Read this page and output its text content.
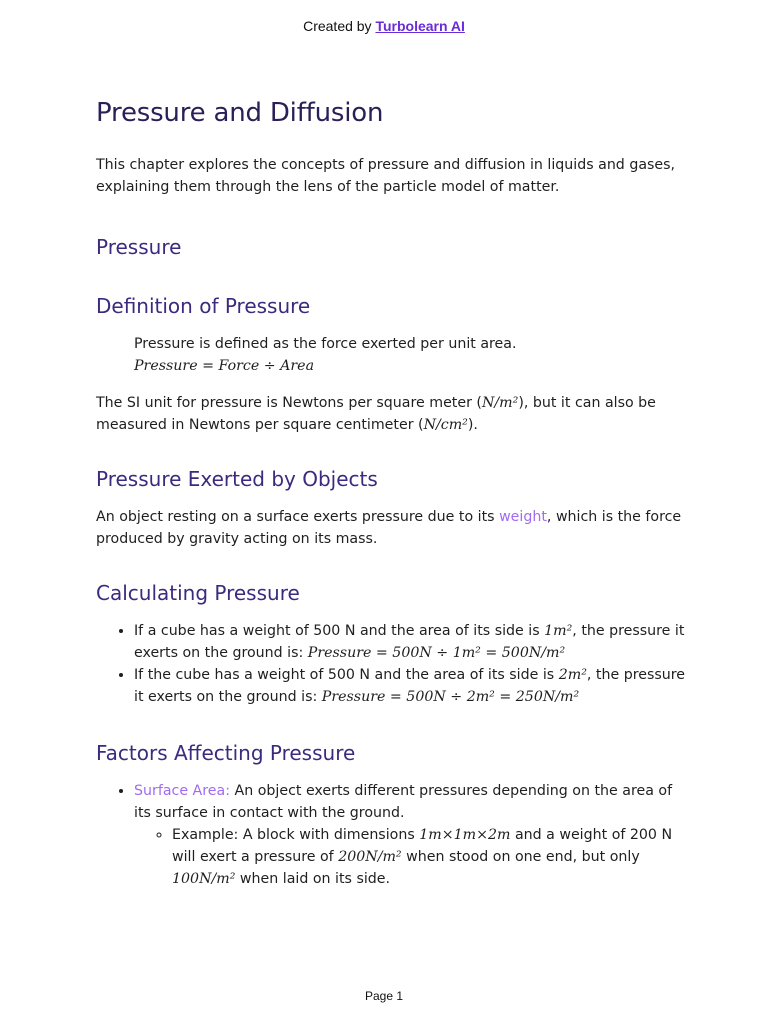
Created by Turbolearn AI
Pressure and Diffusion

This chapter explores the concepts of pressure and diffusion in liquids and gases, explaining them through the lens of the particle model of matter.

Pressure
Definition of Pressure

Pressure is defined as the force exerted per unit area.

Pressure = Force ÷ Area

The SI unit for pressure is Newtons per square meter (N/m²), but it can also be measured in Newtons per square centimeter (N/cm²).

Pressure Exerted by Objects

An object resting on a surface exerts pressure due to its weight, which is the force produced by gravity acting on its mass.

Calculating Pressure
• If a cube has a weight of 500 N and the area of its side is 1m², the pressure it exerts on the ground is: Pressure = 500N ÷ 1m² = 500N/m²
• If the cube has a weight of 500 N and the area of its side is 2m², the pressure it exerts on the ground is: Pressure = 500N ÷ 2m² = 250N/m²
Factors Affecting Pressure
• Surface Area: An object exerts different pressures depending on the area of its surface in contact with the ground.
◦ Example: A block with dimensions 1m×1m×2m and a weight of 200 N will exert a pressure of 200N/m² when stood on one end, but only 100N/m² when laid on its side.
Page 1
